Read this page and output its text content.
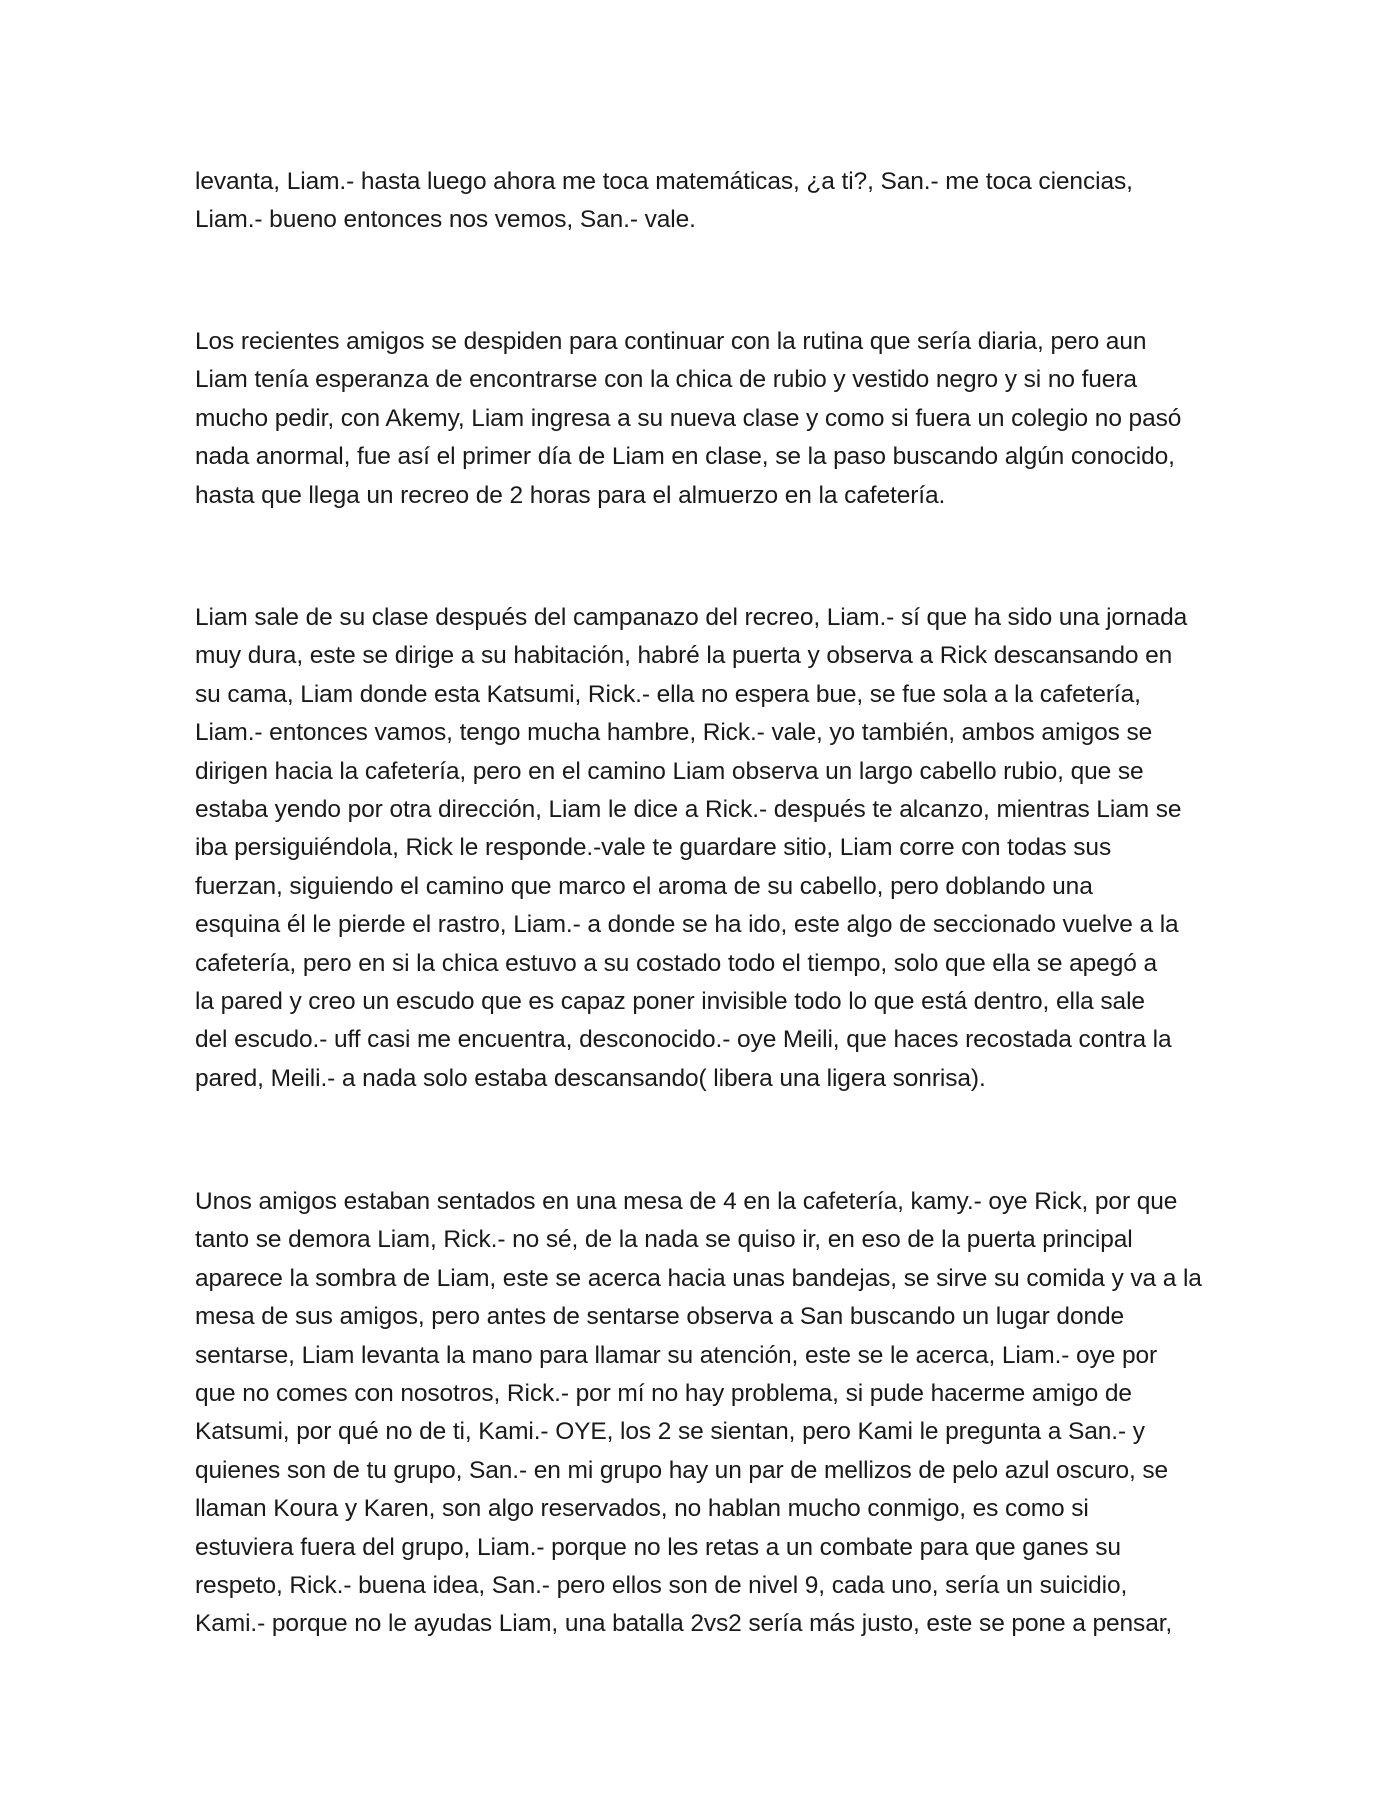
levanta, Liam.- hasta luego ahora me toca matemáticas, ¿a ti?, San.- me toca ciencias,
Liam.- bueno entonces nos vemos, San.- vale.
Los recientes amigos se despiden para continuar con la rutina que sería diaria, pero aun
Liam tenía esperanza de encontrarse con la chica de rubio y vestido negro y si no fuera
mucho pedir, con Akemy, Liam ingresa a su nueva clase y como si fuera un colegio no pasó
nada anormal, fue así el primer día de Liam en clase, se la paso buscando algún conocido,
hasta que llega un recreo de 2 horas para el almuerzo en la cafetería.
Liam sale de su clase después del campanazo del recreo, Liam.- sí que ha sido una jornada
muy dura, este se dirige a su habitación, habré la puerta y observa a Rick descansando en
su cama, Liam donde esta Katsumi, Rick.- ella no espera bue, se fue sola a la cafetería,
Liam.- entonces vamos, tengo mucha hambre, Rick.- vale, yo también, ambos amigos se
dirigen hacia la cafetería, pero en el camino Liam observa un largo cabello rubio, que se
estaba yendo por otra dirección, Liam le dice a Rick.- después te alcanzo, mientras Liam se
iba persiguiéndola, Rick le responde.-vale te guardare sitio, Liam corre con todas sus
fuerzan, siguiendo el camino que marco el aroma de su cabello, pero doblando una
esquina él le pierde el rastro, Liam.- a donde se ha ido, este algo de seccionado vuelve a la
cafetería, pero en si la chica estuvo a su costado todo el tiempo, solo que ella se apegó a
la pared y creo un escudo que es capaz poner invisible todo lo que está dentro, ella sale
del escudo.- uff casi me encuentra, desconocido.- oye Meili, que haces recostada contra la
pared, Meili.- a nada solo estaba descansando( libera una ligera sonrisa).
Unos amigos estaban sentados en una mesa de 4 en la cafetería, kamy.- oye Rick, por que
tanto se demora Liam, Rick.- no sé, de la nada se quiso ir, en eso de la puerta principal
aparece la sombra de Liam, este se acerca hacia unas bandejas, se sirve su comida y va a la
mesa de sus amigos, pero antes de sentarse observa a San buscando un lugar donde
sentarse, Liam levanta la mano para llamar su atención, este se le acerca, Liam.- oye por
que no comes con nosotros, Rick.- por mí no hay problema, si pude hacerme amigo de
Katsumi, por qué no de ti, Kami.- OYE, los 2 se sientan, pero Kami le pregunta a San.- y
quienes son de tu grupo, San.- en mi grupo hay un par de mellizos de pelo azul oscuro, se
llaman Koura y Karen, son algo reservados, no hablan mucho conmigo, es como si
estuviera fuera del grupo, Liam.- porque no les retas a un combate para que ganes su
respeto, Rick.- buena idea, San.- pero ellos son de nivel 9, cada uno, sería un suicidio,
Kami.- porque no le ayudas Liam, una batalla 2vs2 sería más justo, este se pone a pensar,
